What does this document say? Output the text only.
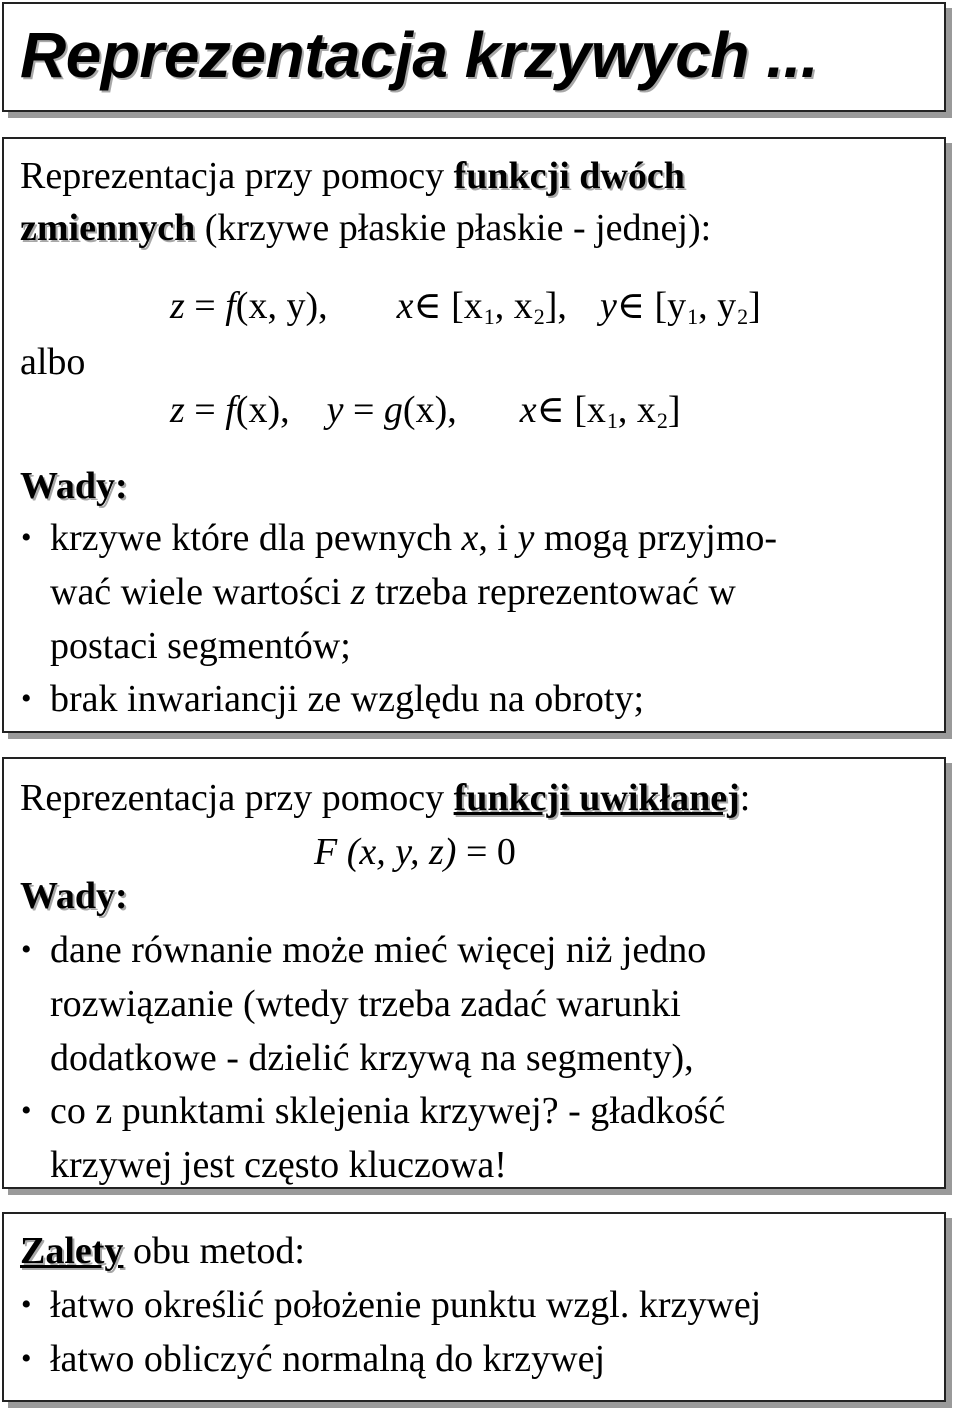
Reprezentacja krzywych ...
Reprezentacja przy pomocy funkcji dwóch
zmiennych (krzywe płaskie płaskie - jednej):
z = f(x, y), x∈ [$x_1$, $x_2$], y∈ [$y_1$, $y_2$]
albo
z = f(x), y = g(x), x∈ [$x_1$, $x_2$]
Wady:
• krzywe które dla pewnych x, i y mogą przyjmo-
wać wiele wartości z trzeba reprezentować w
postaci segmentów;
• brak inwariancji ze względu na obroty;
Reprezentacja przy pomocy funkcji uwikłanej:
F (x, y, z) = 0
Wady:
• dane równanie może mieć więcej niż jedno
rozwiązanie (wtedy trzeba zadać warunki
dodatkowe - dzielić krzywą na segmenty),
• co z punktami sklejenia krzywej? - gładkość
krzywej jest często kluczowa!
Zalety obu metod:
• łatwo określić położenie punktu wzgl. krzywej
• łatwo obliczyć normalną do krzywej
